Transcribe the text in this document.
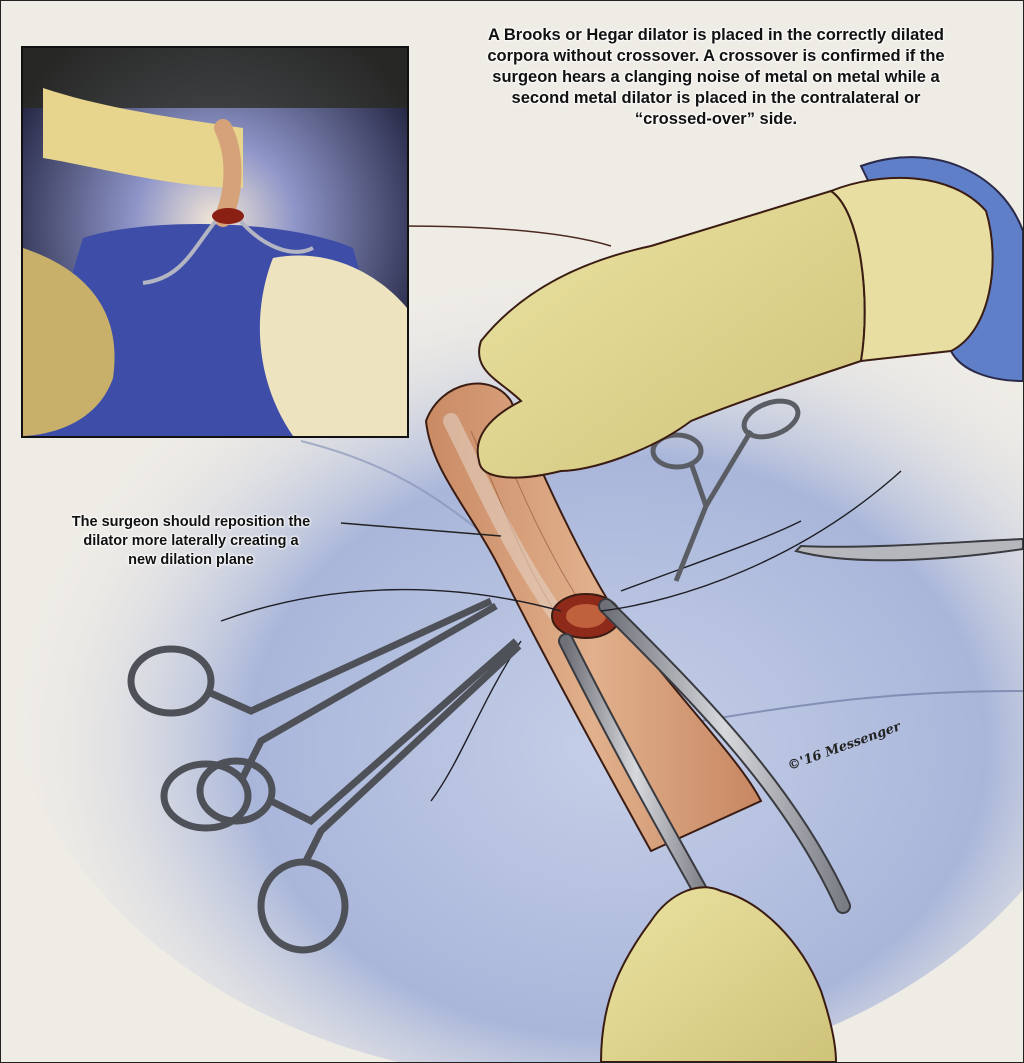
A Brooks or Hegar dilator is placed in the correctly dilated
corpora without crossover. A crossover is confirmed if the
surgeon hears a clanging noise of metal on metal while a
second metal dilator is placed in the contralateral or
“crossed-over” side.
The surgeon should reposition the
dilator more laterally creating a
new dilation plane
©'16 Messenger
